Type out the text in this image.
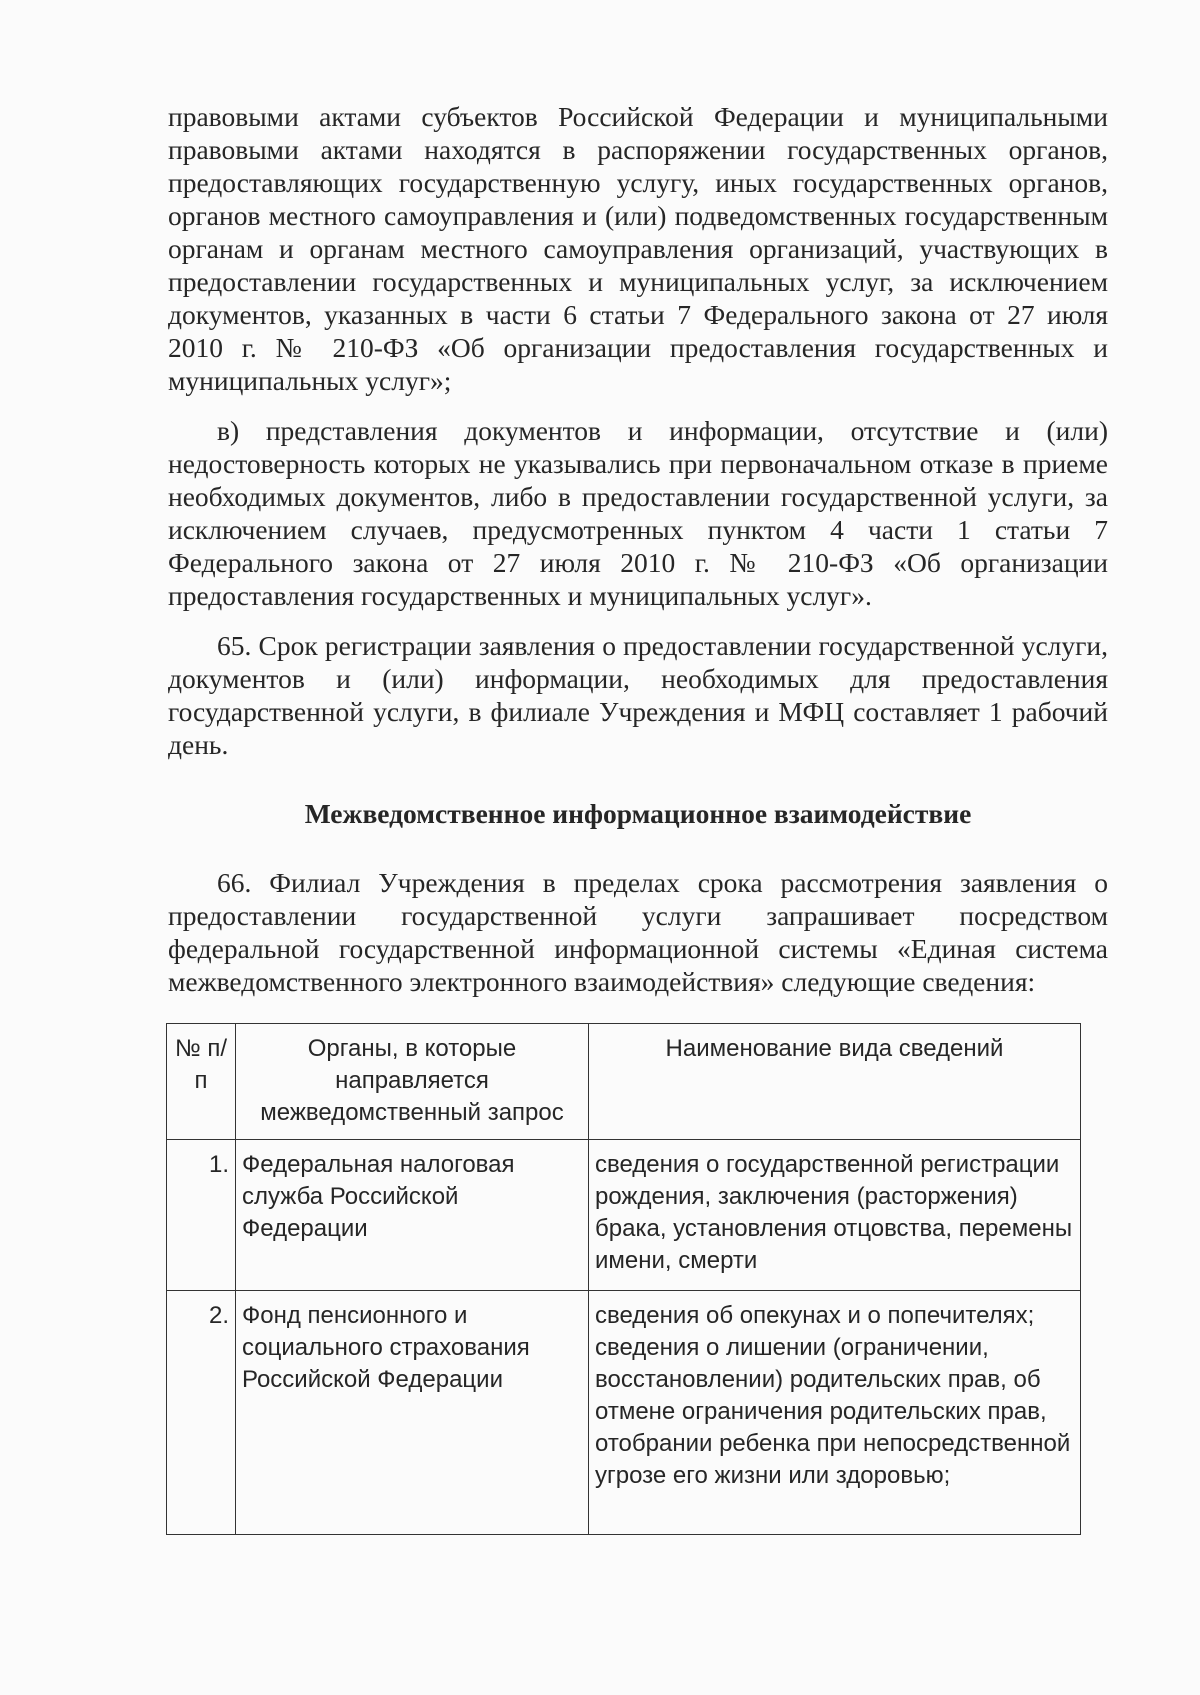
правовыми актами субъектов Российской Федерации и муниципальными правовыми актами находятся в распоряжении государственных органов, предоставляющих государственную услугу, иных государственных органов, органов местного самоуправления и (или) подведомственных государственным органам и органам местного самоуправления организаций, участвующих в предоставлении государственных и муниципальных услуг, за исключением документов, указанных в части 6 статьи 7 Федерального закона от 27 июля 2010 г. № 210-ФЗ «Об организации предоставления государственных и муниципальных услуг»;

в) представления документов и информации, отсутствие и (или) недостоверность которых не указывались при первоначальном отказе в приеме необходимых документов, либо в предоставлении государственной услуги, за исключением случаев, предусмотренных пунктом 4 части 1 статьи 7 Федерального закона от 27 июля 2010 г. № 210-ФЗ «Об организации предоставления государственных и муниципальных услуг».

65. Срок регистрации заявления о предоставлении государственной услуги, документов и (или) информации, необходимых для предоставления государственной услуги, в филиале Учреждения и МФЦ составляет 1 рабочий день.

Межведомственное информационное взаимодействие

66. Филиал Учреждения в пределах срока рассмотрения заявления о предоставлении государственной услуги запрашивает посредством федеральной государственной информационной системы «Единая система межведомственного электронного взаимодействия» следующие сведения:

№ п/п	Органы, в которые направляется межведомственный запрос	Наименование вида сведений
1.	Федеральная налоговая служба Российской Федерации	сведения о государственной регистрации рождения, заключения (расторжения) брака, установления отцовства, перемены имени, смерти
2.	Фонд пенсионного и социального страхования Российской Федерации	сведения об опекунах и о попечителях; сведения о лишении (ограничении, восстановлении) родительских прав, об отмене ограничения родительских прав, отобрании ребенка при непосредственной угрозе его жизни или здоровью;
